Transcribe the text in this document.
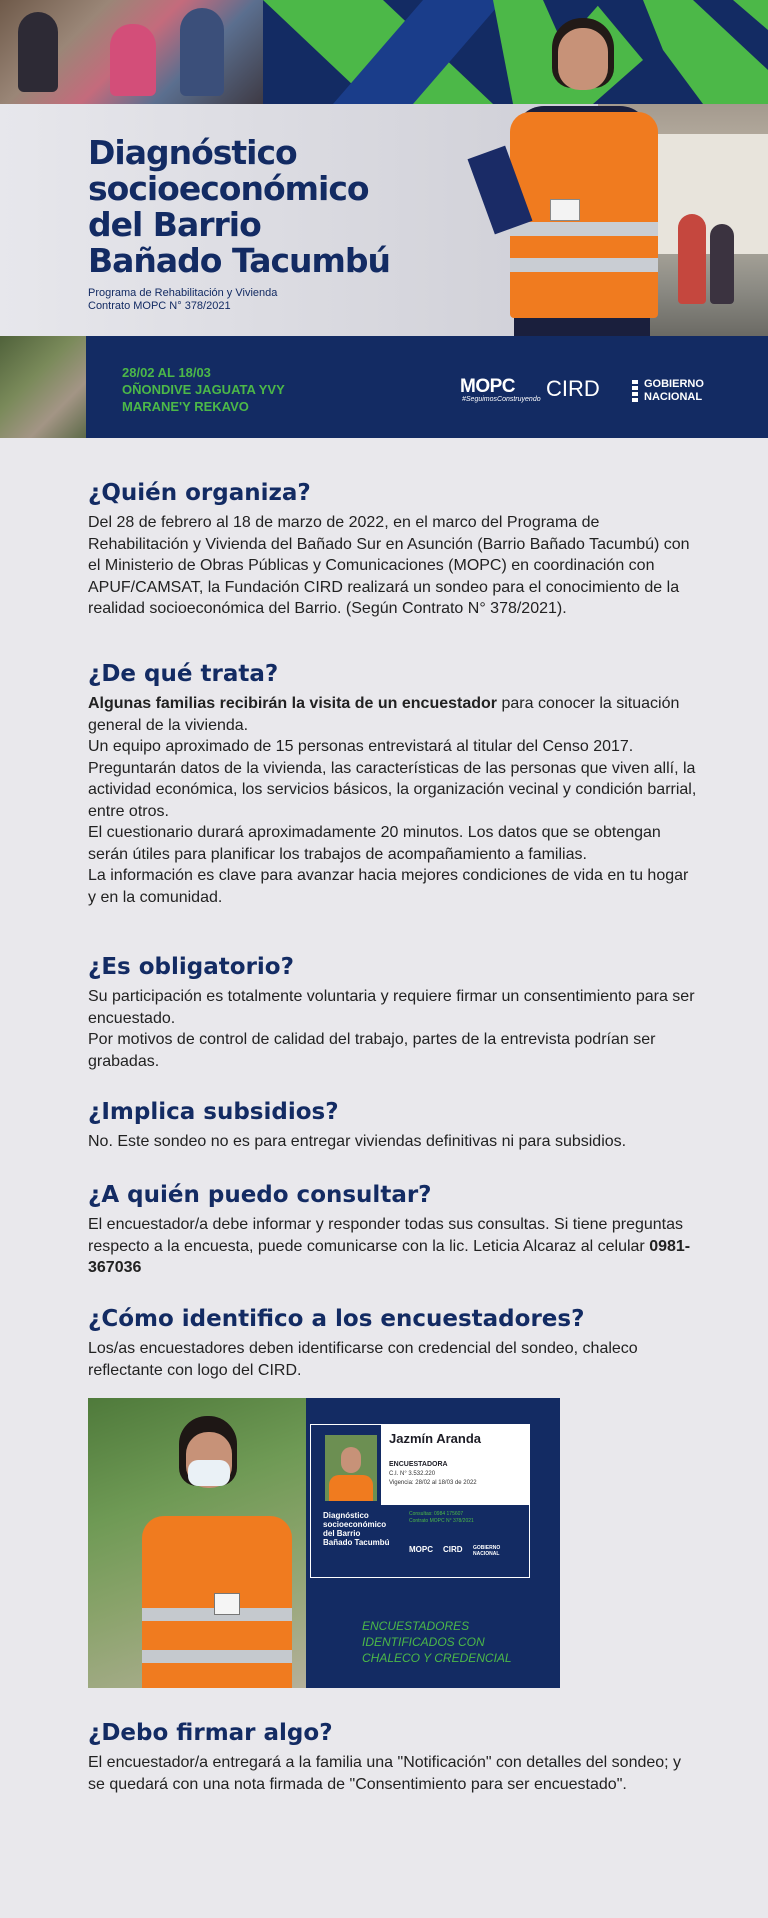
Diagnóstico
socioeconómico
del Barrio
Bañado Tacumbú
Programa de Rehabilitación y Vivienda
Contrato MOPC N° 378/2021
28/02 AL 18/03
OÑONDIVE JAGUATA YVY
MARANE'Y REKAVO
MOPC
#SeguimosConstruyendo CIRD	GOBIERNO
NACIONAL
¿Quién organiza?

Del 28 de febrero al 18 de marzo de 2022, en el marco del Programa de Rehabilitación y Vivienda del Bañado Sur en Asunción (Barrio Bañado Tacumbú) con el Ministerio de Obras Públicas y Comunicaciones (MOPC) en coordinación con APUF/CAMSAT, la Fundación CIRD realizará un sondeo para el conocimiento de la realidad socioeconómica del Barrio. (Según Contrato N° 378/2021).

¿De qué trata?

Algunas familias recibirán la visita de un encuestador para conocer la situación general de la vivienda.

Un equipo aproximado de 15 personas entrevistará al titular del Censo 2017. Preguntarán datos de la vivienda, las características de las personas que viven allí, la actividad económica, los servicios básicos, la organización vecinal y condición barrial, entre otros.

El cuestionario durará aproximadamente 20 minutos. Los datos que se obtengan serán útiles para planificar los trabajos de acompañamiento a familias.

La información es clave para avanzar hacia mejores condiciones de vida en tu hogar y en la comunidad.

¿Es obligatorio?

Su participación es totalmente voluntaria y requiere firmar un consentimiento para ser encuestado.

Por motivos de control de calidad del trabajo, partes de la entrevista podrían ser grabadas.

¿Implica subsidios?

No. Este sondeo no es para entregar viviendas definitivas ni para subsidios.

¿A quién puedo consultar?

El encuestador/a debe informar y responder todas sus consultas. Si tiene preguntas respecto a la encuesta, puede comunicarse con la lic. Leticia Alcaraz al celular 0981-367036

¿Cómo identifico a los encuestadores?

Los/as encuestadores deben identificarse con credencial del sondeo, chaleco reflectante con logo del CIRD.

¿Debo firmar algo?

El encuestador/a entregará a la familia una "Notificación" con detalles del sondeo; y se quedará con una nota firmada de "Consentimiento para ser encuestado".

Jazmín Aranda
ENCUESTADORA
C.I. N° 3.532.220
Vigencia: 28/02 al 18/03 de 2022
Diagnóstico
socioeconómico
del Barrio
Bañado Tacumbú
Consultas: 0984 175607
Contrato MOPC N° 378/2021
MOPC CIRD GOBIERNO NACIONAL
ENCUESTADORES
IDENTIFICADOS CON
CHALECO Y CREDENCIAL
